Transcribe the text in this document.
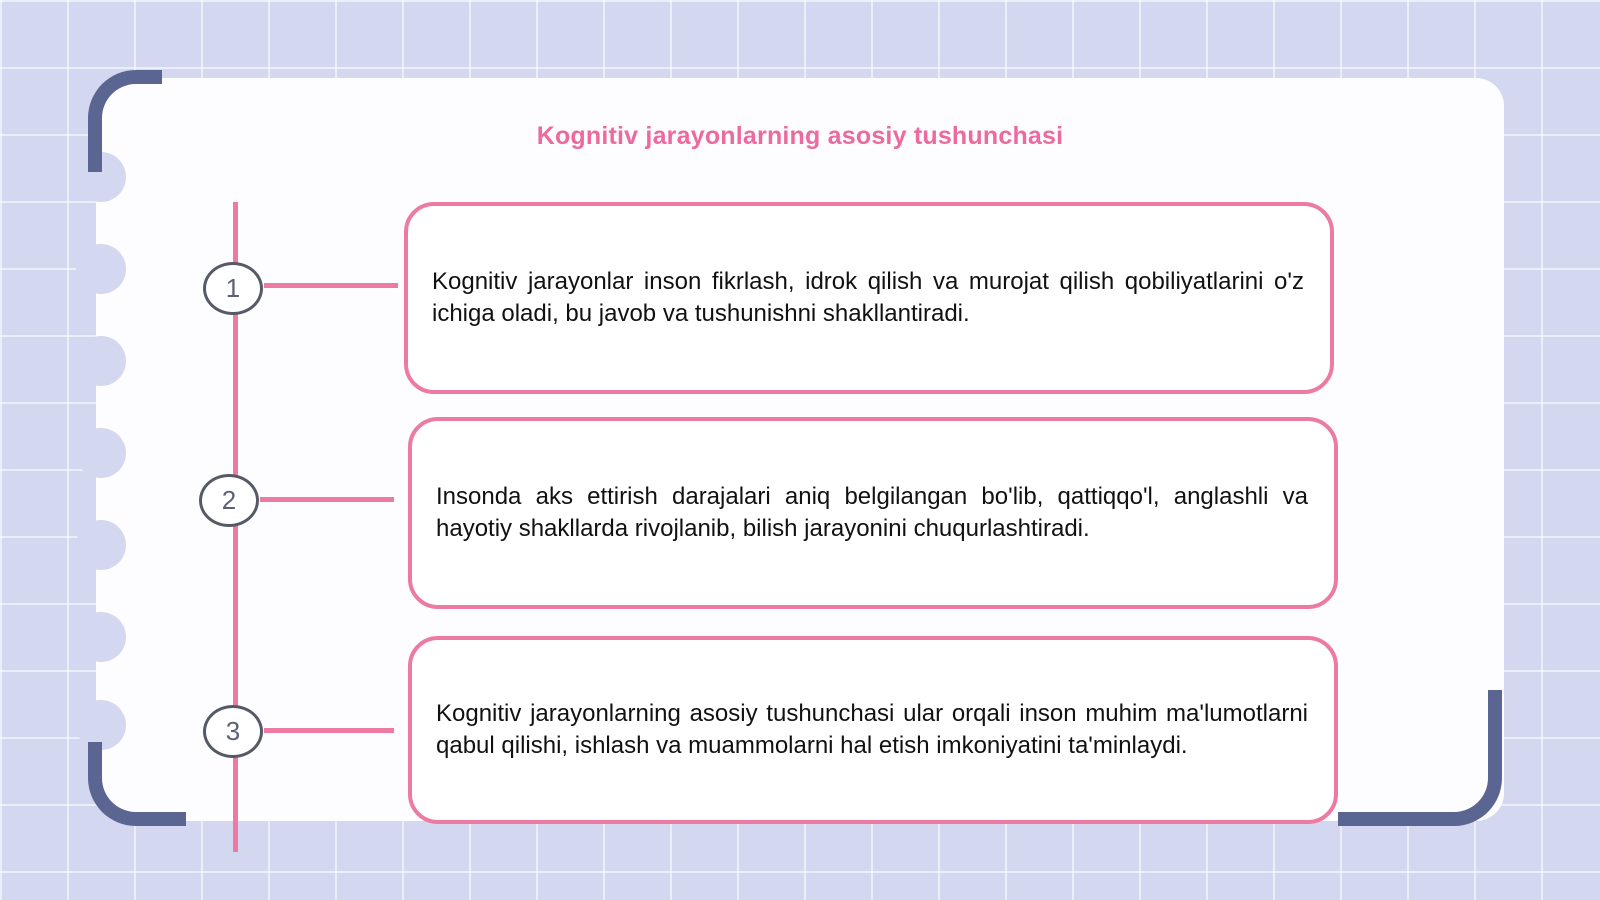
Kognitiv jarayonlarning asosiy tushunchasi
1
2
3

Kognitiv jarayonlar inson fikrlash, idrok qilish va murojat qilish qobiliyatlarini o'z ichiga oladi, bu javob va tushunishni shakllantiradi.

Insonda aks ettirish darajalari aniq belgilangan bo'lib, qattiqqo'l, anglashli va hayotiy shakllarda rivojlanib, bilish jarayonini chuqurlashtiradi.

Kognitiv jarayonlarning asosiy tushunchasi ular orqali inson muhim ma'lumotlarni qabul qilishi, ishlash va muammolarni hal etish imkoniyatini ta'minlaydi.
